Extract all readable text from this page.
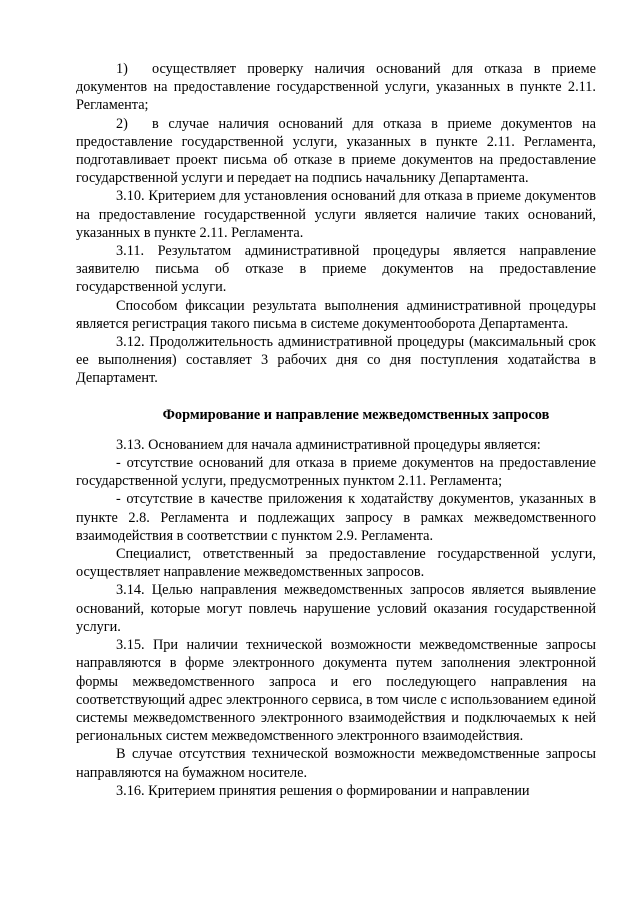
1) осуществляет проверку наличия оснований для отказа в приеме документов на предоставление государственной услуги, указанных в пункте 2.11. Регламента;

2) в случае наличия оснований для отказа в приеме документов на предоставление государственной услуги, указанных в пункте 2.11. Регламента, подготавливает проект письма об отказе в приеме документов на предоставление государственной услуги и передает на подпись начальнику Департамента.

3.10. Критерием для установления оснований для отказа в приеме документов на предоставление государственной услуги является наличие таких оснований, указанных в пункте 2.11. Регламента.

3.11. Результатом административной процедуры является направление заявителю письма об отказе в приеме документов на предоставление государственной услуги.

Способом фиксации результата выполнения административной процедуры является регистрация такого письма в системе документооборота Департамента.

3.12. Продолжительность административной процедуры (максимальный срок ее выполнения) составляет 3 рабочих дня со дня поступления ходатайства в Департамент.

Формирование и направление межведомственных запросов

3.13. Основанием для начала административной процедуры является:

- отсутствие оснований для отказа в приеме документов на предоставление государственной услуги, предусмотренных пунктом 2.11. Регламента;

- отсутствие в качестве приложения к ходатайству документов, указанных в пункте 2.8. Регламента и подлежащих запросу в рамках межведомственного взаимодействия в соответствии с пунктом 2.9. Регламента.

Специалист, ответственный за предоставление государственной услуги, осуществляет направление межведомственных запросов.

3.14. Целью направления межведомственных запросов является выявление оснований, которые могут повлечь нарушение условий оказания государственной услуги.

3.15. При наличии технической возможности межведомственные запросы направляются в форме электронного документа путем заполнения электронной формы межведомственного запроса и его последующего направления на соответствующий адрес электронного сервиса, в том числе с использованием единой системы межведомственного электронного взаимодействия и подключаемых к ней региональных систем межведомственного электронного взаимодействия.

В случае отсутствия технической возможности межведомственные запросы направляются на бумажном носителе.

3.16. Критерием принятия решения о формировании и направлении
